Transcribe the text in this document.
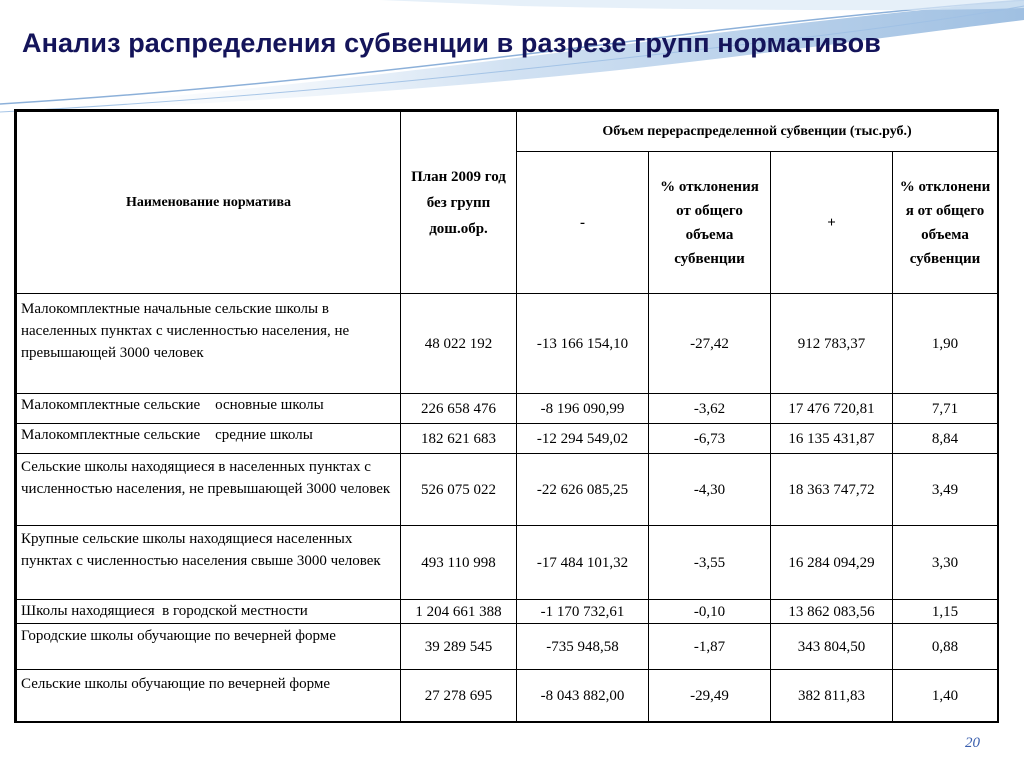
Анализ распределения субвенции в разрезе групп нормативов
Наименование норматива	План 2009 год без групп дош.обр.	Объем перераспределенной субвенции (тыс.руб.)			
		-	% отклонения от общего объема субвенции	+	% отклонени я от общего объема субвенции
Малокомплектные начальные сельские школы в населенных пунктах с численностью населения, не превышающей 3000 человек	48 022 192	-13 166 154,10	-27,42	912 783,37	1,90
Малокомплектные сельские    основные школы	226 658 476	-8 196 090,99	-3,62	17 476 720,81	7,71
Малокомплектные сельские    средние школы	182 621 683	-12 294 549,02	-6,73	16 135 431,87	8,84
Сельские школы находящиеся в населенных пунктах с численностью населения, не превышающей 3000 человек	526 075 022	-22 626 085,25	-4,30	18 363 747,72	3,49
Крупные сельские школы находящиеся населенных пунктах с численностью населения свыше 3000 человек	493 110 998	-17 484 101,32	-3,55	16 284 094,29	3,30
Школы находящиеся  в городской местности	1 204 661 388	-1 170 732,61	-0,10	13 862 083,56	1,15
Городские школы обучающие по вечерней форме	39 289 545	-735 948,58	-1,87	343 804,50	0,88
Сельские школы обучающие по вечерней форме	27 278 695	-8 043 882,00	-29,49	382 811,83	1,40
20
